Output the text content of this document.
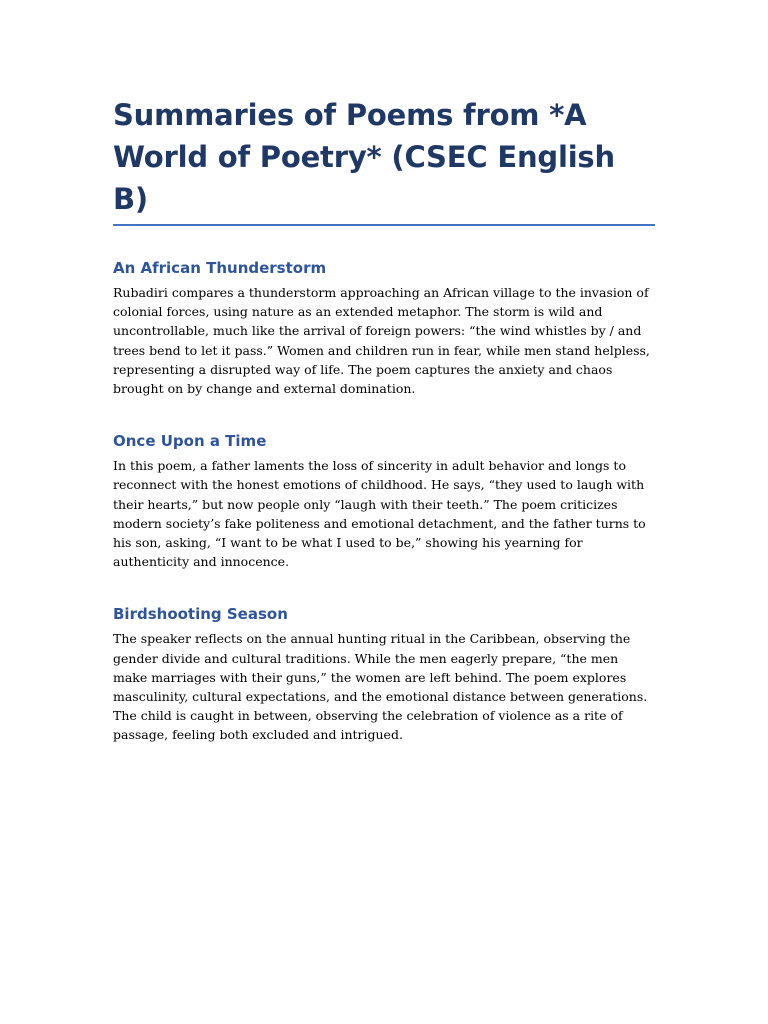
Summaries of Poems from *A World of Poetry* (CSEC English B)
An African Thunderstorm

Rubadiri compares a thunderstorm approaching an African village to the invasion of colonial forces, using nature as an extended metaphor. The storm is wild and uncontrollable, much like the arrival of foreign powers: “the wind whistles by / and trees bend to let it pass.” Women and children run in fear, while men stand helpless, representing a disrupted way of life. The poem captures the anxiety and chaos brought on by change and external domination.

Once Upon a Time

In this poem, a father laments the loss of sincerity in adult behavior and longs to reconnect with the honest emotions of childhood. He says, “they used to laugh with their hearts,” but now people only “laugh with their teeth.” The poem criticizes modern society’s fake politeness and emotional detachment, and the father turns to his son, asking, “I want to be what I used to be,” showing his yearning for authenticity and innocence.

Birdshooting Season

The speaker reflects on the annual hunting ritual in the Caribbean, observing the gender divide and cultural traditions. While the men eagerly prepare, “the men make marriages with their guns,” the women are left behind. The poem explores masculinity, cultural expectations, and the emotional distance between generations. The child is caught in between, observing the celebration of violence as a rite of passage, feeling both excluded and intrigued.
